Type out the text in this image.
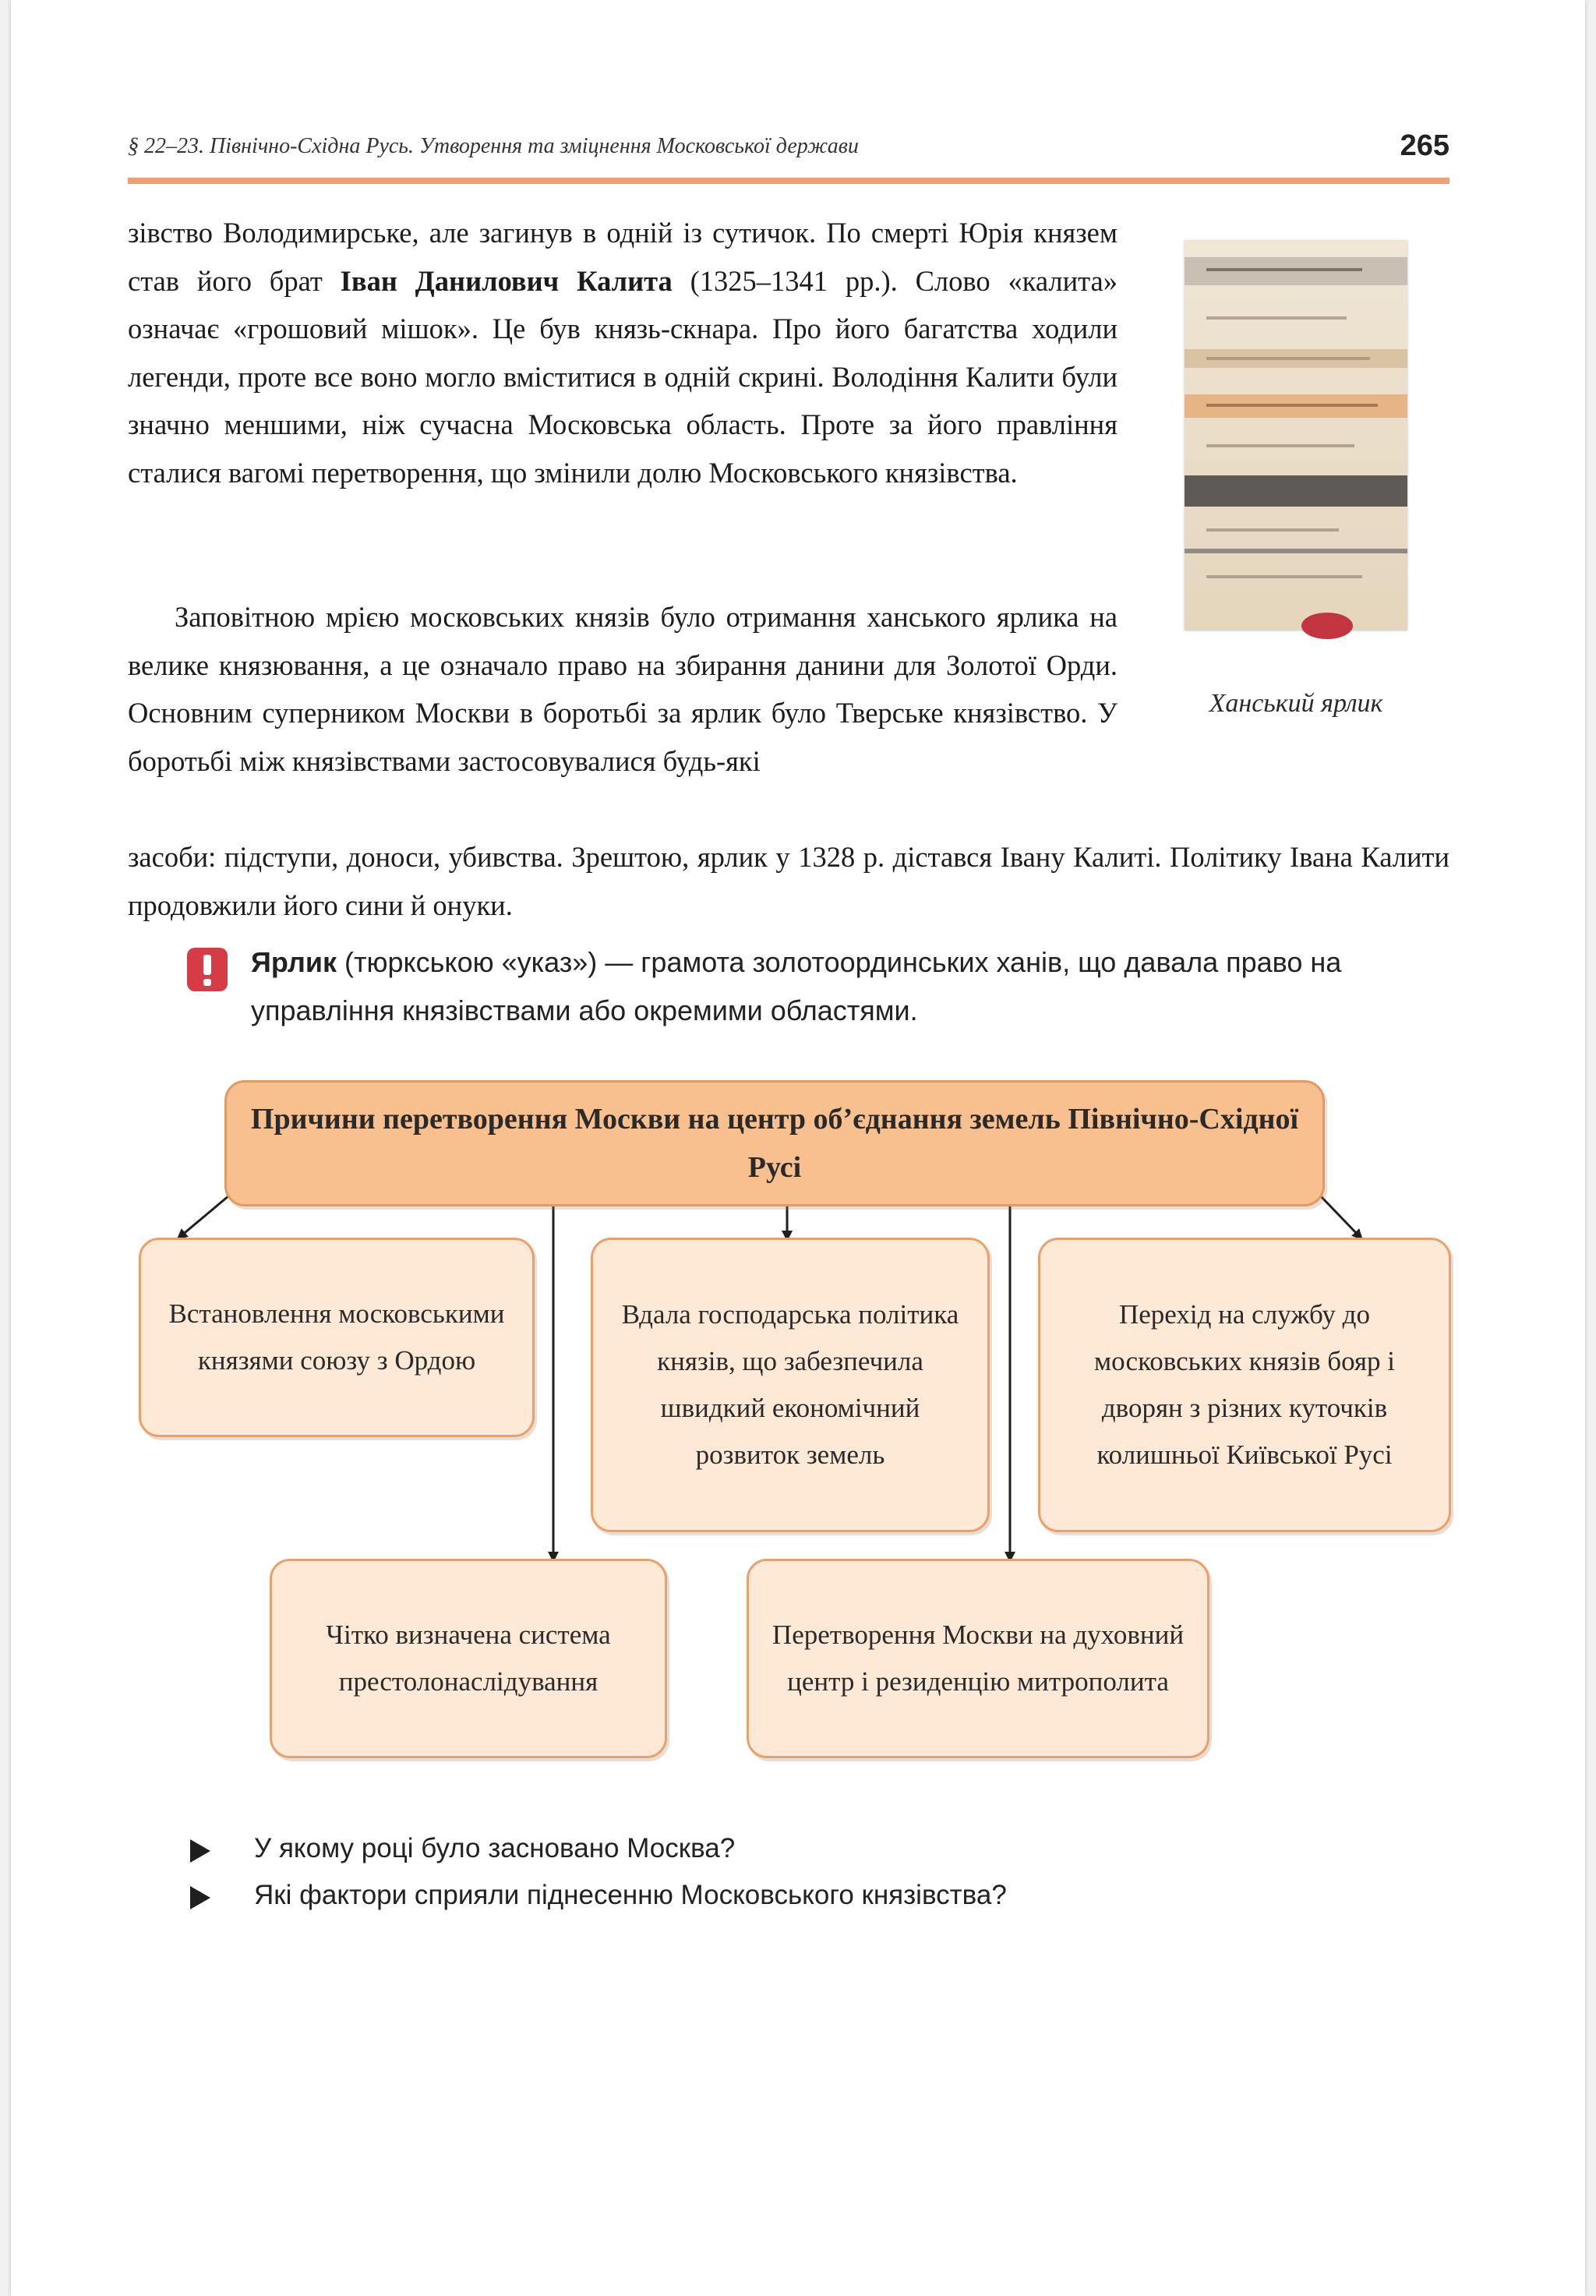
§ 22–23. Північно-Східна Русь. Утворення та зміцнення Московської держави	265

зівство Володимирське, але загинув в одній із сутичок. По смерті Юрія князем став його брат Іван Данилович Калита (1325–1341 рр.). Слово «калита» означає «грошовий мішок». Це був князь-скнара. Про його багатства ходили легенди, проте все воно могло вміститися в одній скрині. Володіння Калити були значно меншими, ніж сучасна Московська область. Проте за його правління сталися вагомі перетворення, що змінили долю Московського князівства.

Заповітною мрією московських князів було отримання ханського ярлика на велике князювання, а це означало право на збирання данини для Золотої Орди. Основним суперником Москви в боротьбі за ярлик було Тверське князівство. У боротьбі між князівствами застосовувалися будь-які

засоби: підступи, доноси, убивства. Зрештою, ярлик у 1328 р. дістався Івану Калиті. Політику Івана Калити продовжили його сини й онуки.

Ханський ярлик

Ярлик (тюркською «указ») — грамота золотоординських ханів, що давала право на управління князівствами або окремими областями.

Причини перетворення Москви на центр об’єднання земель Північно-Східної Русі
Встановлення московськими князями союзу з Ордою
Вдала господарська політика князів, що забезпечила швидкий економічний розвиток земель
Перехід на службу до московських князів бояр і дворян з різних куточків колишньої Київської Русі
Чітко визначена система престолонаслідування
Перетворення Москви на духовний центр і резиденцію митрополита
У якому році було засновано Москва?
Які фактори сприяли піднесенню Московського князівства?
